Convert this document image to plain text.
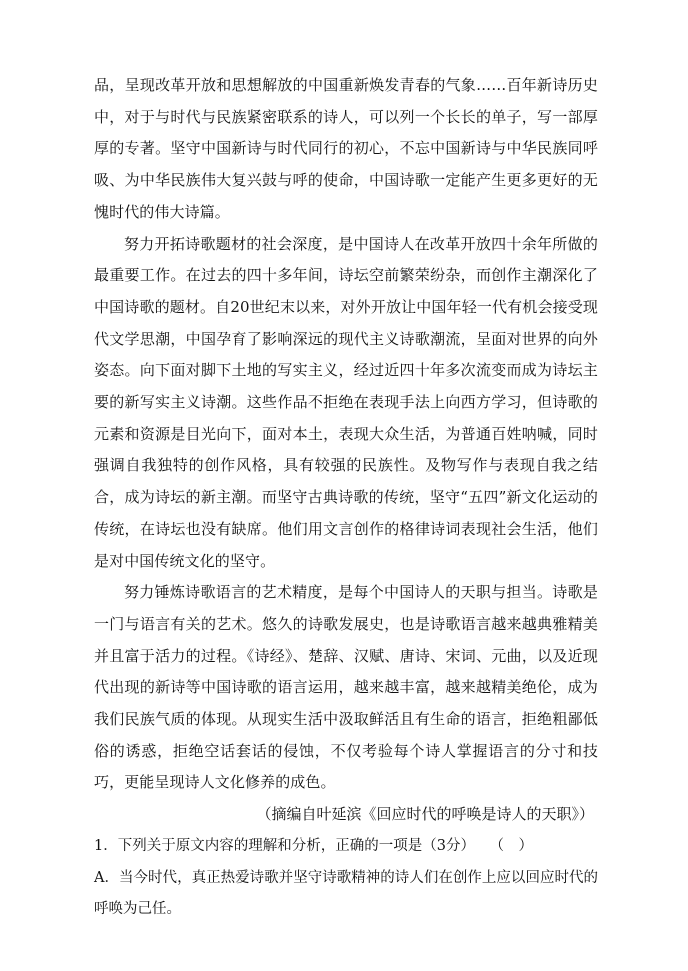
品，呈现改革开放和思想解放的中国重新焕发青春的气象……百年新诗历史中，对于与时代与民族紧密联系的诗人，可以列一个长长的单子，写一部厚厚的专著。坚守中国新诗与时代同行的初心，不忘中国新诗与中华民族同呼吸、为中华民族伟大复兴鼓与呼的使命，中国诗歌一定能产生更多更好的无愧时代的伟大诗篇。

努力开拓诗歌题材的社会深度，是中国诗人在改革开放四十余年所做的最重要工作。在过去的四十多年间，诗坛空前繁荣纷杂，而创作主潮深化了中国诗歌的题材。自20世纪末以来，对外开放让中国年轻一代有机会接受现代文学思潮，中国孕育了影响深远的现代主义诗歌潮流，呈面对世界的向外姿态。向下面对脚下土地的写实主义，经过近四十年多次流变而成为诗坛主要的新写实主义诗潮。这些作品不拒绝在表现手法上向西方学习，但诗歌的元素和资源是目光向下，面对本土，表现大众生活，为普通百姓呐喊，同时强调自我独特的创作风格，具有较强的民族性。及物写作与表现自我之结合，成为诗坛的新主潮。而坚守古典诗歌的传统，坚守“五四”新文化运动的传统，在诗坛也没有缺席。他们用文言创作的格律诗词表现社会生活，他们是对中国传统文化的坚守。

努力锤炼诗歌语言的艺术精度，是每个中国诗人的天职与担当。诗歌是一门与语言有关的艺术。悠久的诗歌发展史，也是诗歌语言越来越典雅精美并且富于活力的过程。《诗经》、楚辞、汉赋、唐诗、宋词、元曲，以及近现代出现的新诗等中国诗歌的语言运用，越来越丰富，越来越精美绝伦，成为我们民族气质的体现。从现实生活中汲取鲜活且有生命的语言，拒绝粗鄙低俗的诱惑，拒绝空话套话的侵蚀，不仅考验每个诗人掌握语言的分寸和技巧，更能呈现诗人文化修养的成色。

（摘编自叶延滨《回应时代的呼唤是诗人的天职》）

1．下列关于原文内容的理解和分析，正确的一项是（3分）　　（　）

A．当今时代，真正热爱诗歌并坚守诗歌精神的诗人们在创作上应以回应时代的呼唤为己任。
